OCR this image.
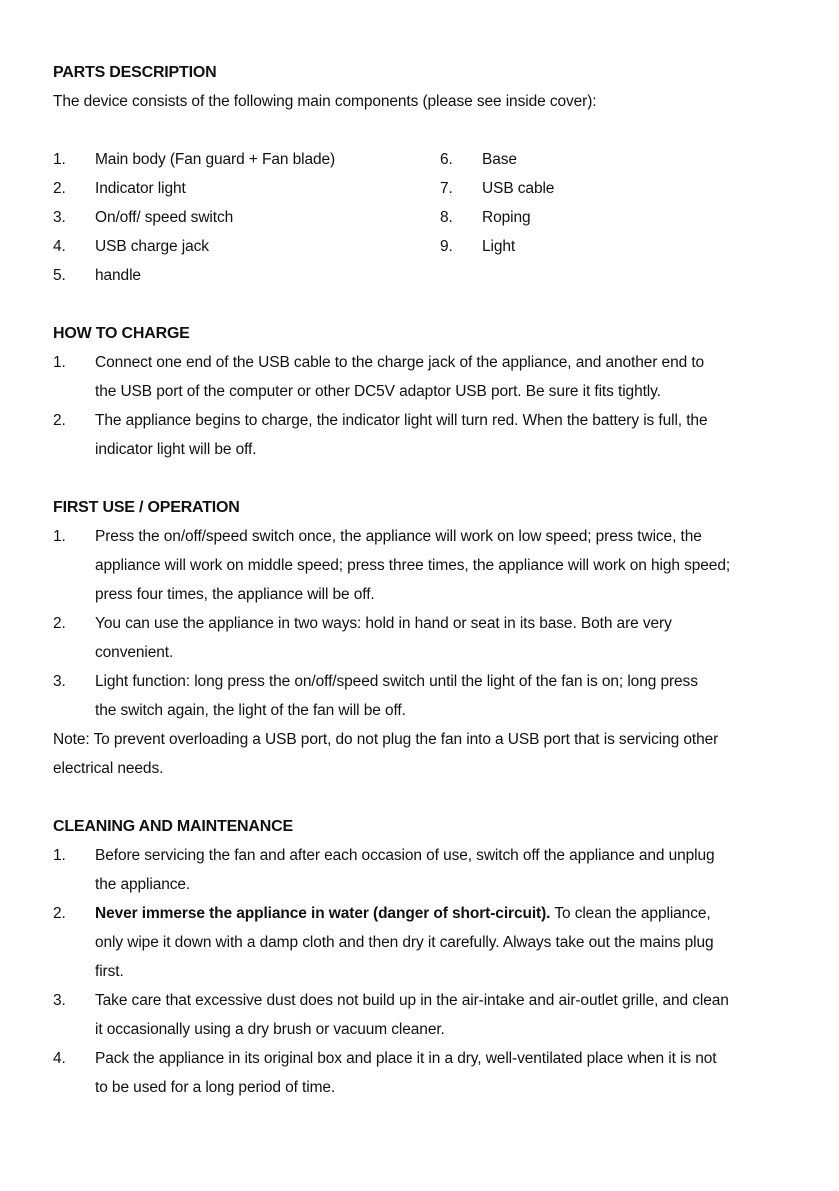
PARTS DESCRIPTION
The device consists of the following main components (please see inside cover):
1.	Main body (Fan guard + Fan blade)
2.	Indicator light
3.	On/off/ speed switch
4.	USB charge jack
5.	handle
6.	Base
7.	USB cable
8.	Roping
9.	Light
HOW TO CHARGE
1.	Connect one end of the USB cable to the charge jack of the appliance, and another end to
the USB port of the computer or other DC5V adaptor USB port. Be sure it fits tightly.
2.	The appliance begins to charge, the indicator light will turn red. When the battery is full, the
indicator light will be off.
FIRST USE / OPERATION
1.	Press the on/off/speed switch once, the appliance will work on low speed; press twice, the
appliance will work on middle speed; press three times, the appliance will work on high speed;
press four times, the appliance will be off.
2.	You can use the appliance in two ways: hold in hand or seat in its base. Both are very
convenient.
3.	Light function: long press the on/off/speed switch until the light of the fan is on; long press
the switch again, the light of the fan will be off.
Note: To prevent overloading a USB port, do not plug the fan into a USB port that is servicing other
electrical needs.
CLEANING AND MAINTENANCE
1.	Before servicing the fan and after each occasion of use, switch off the appliance and unplug
the appliance.
2.	Never immerse the appliance in water (danger of short-circuit). To clean the appliance,
only wipe it down with a damp cloth and then dry it carefully. Always take out the mains plug
first.
3.	Take care that excessive dust does not build up in the air-intake and air-outlet grille, and clean
it occasionally using a dry brush or vacuum cleaner.
4.	Pack the appliance in its original box and place it in a dry, well-ventilated place when it is not
to be used for a long period of time.
